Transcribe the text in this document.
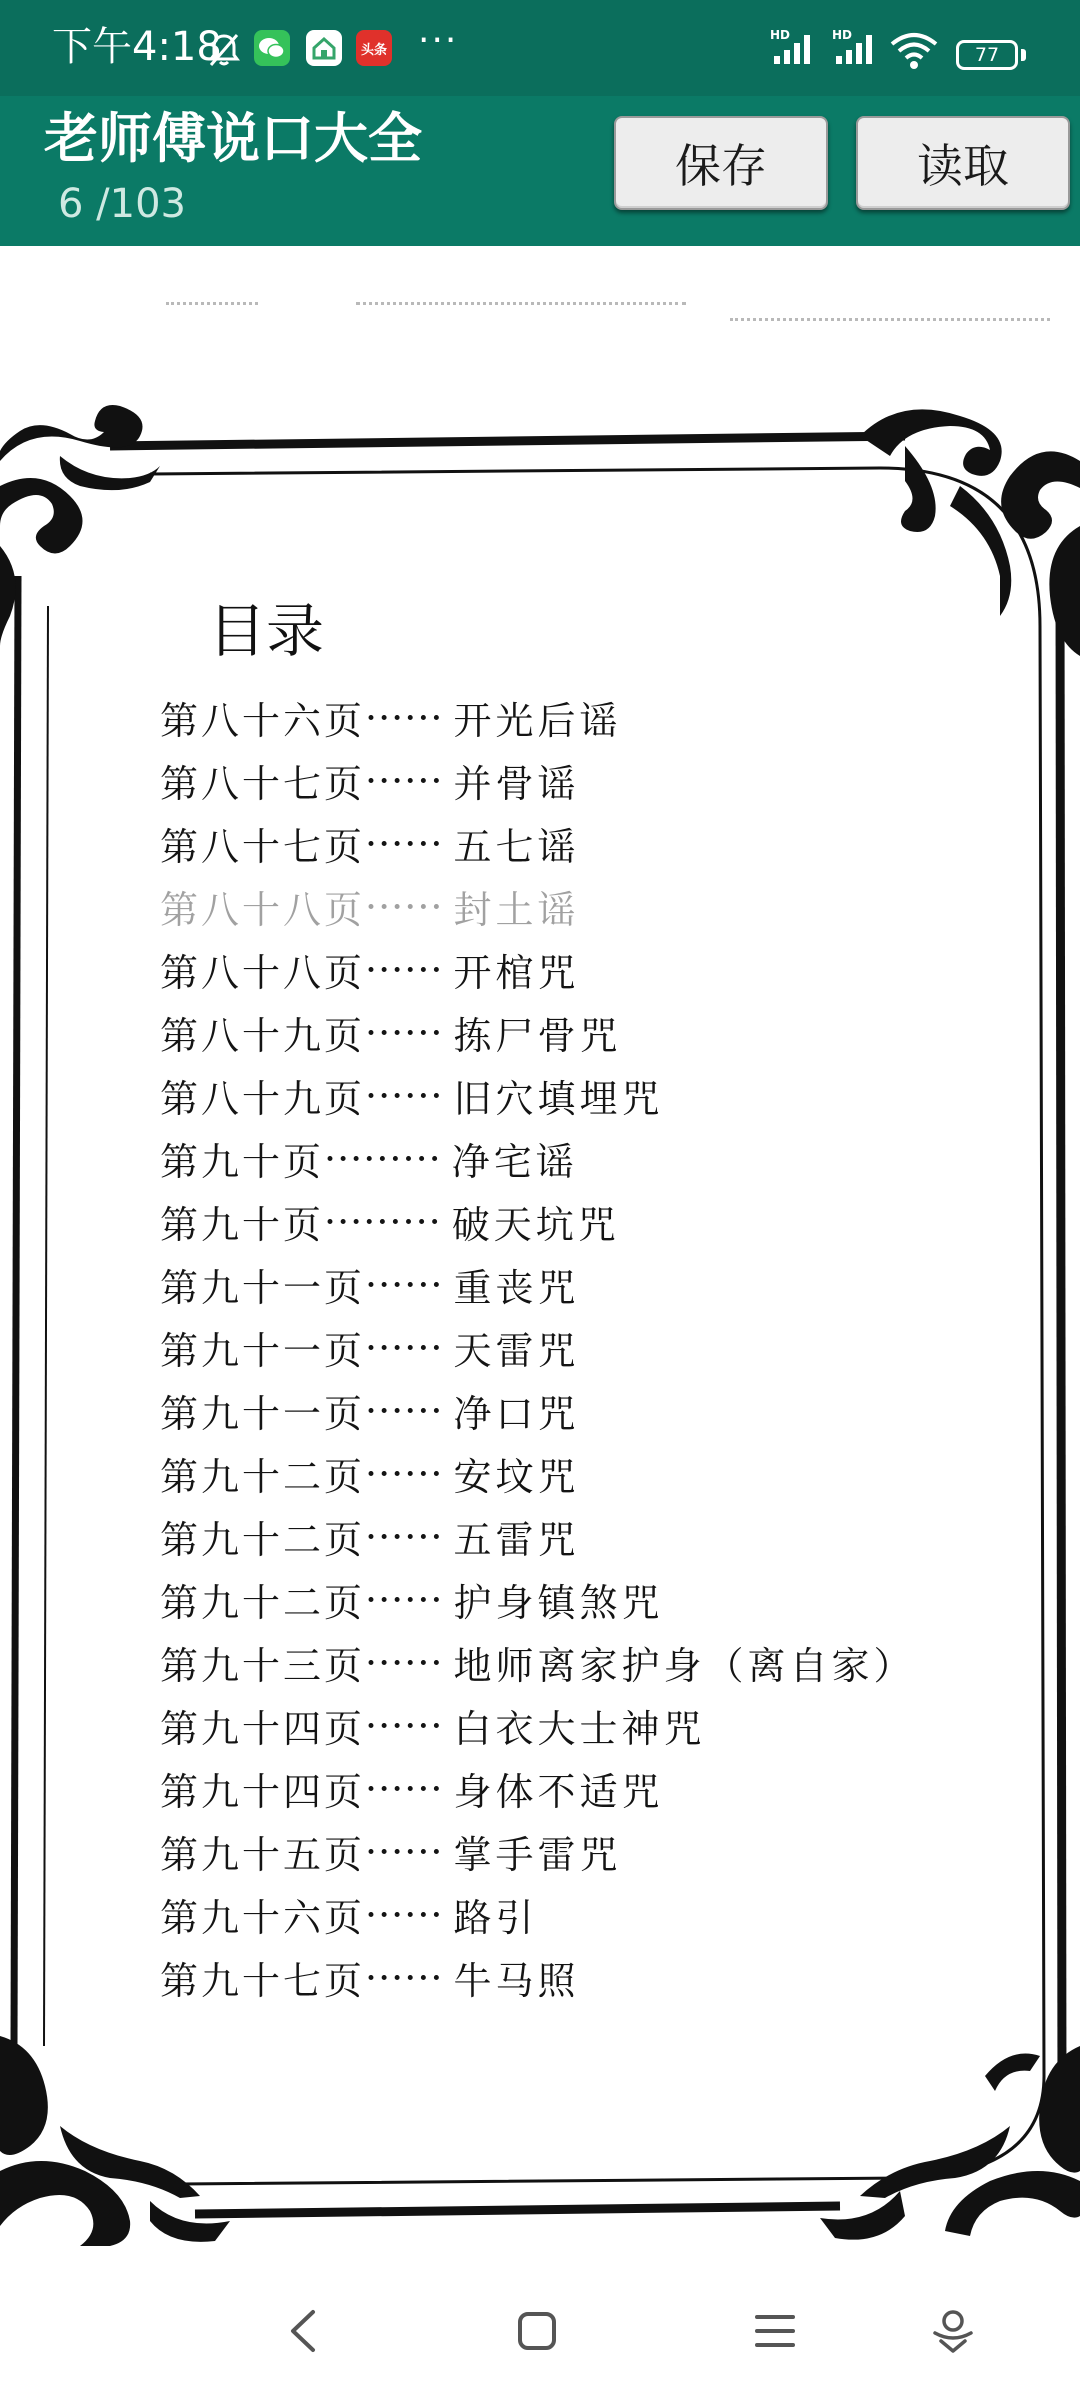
下午4:18	头条 ···	HD	HD
77
老师傅说口大全
6 /103
保存	读取
目录
第八十六页 ······ 开光后谣
第八十七页 ······ 并骨谣
第八十七页 ······ 五七谣
第八十八页 ······ 封土谣
第八十八页 ······ 开棺咒
第八十九页 ······ 拣尸骨咒
第八十九页 ······ 旧穴填埋咒
第九十页 ········· 净宅谣
第九十页 ········· 破天坑咒
第九十一页 ······ 重丧咒
第九十一页 ······ 天雷咒
第九十一页 ······ 净口咒
第九十二页 ······ 安坟咒
第九十二页 ······ 五雷咒
第九十二页 ······ 护身镇煞咒
第九十三页 ······ 地师离家护身（离自家）
第九十四页 ······ 白衣大士神咒
第九十四页 ······ 身体不适咒
第九十五页 ······ 掌手雷咒
第九十六页 ······ 路引
第九十七页 ······ 牛马照
